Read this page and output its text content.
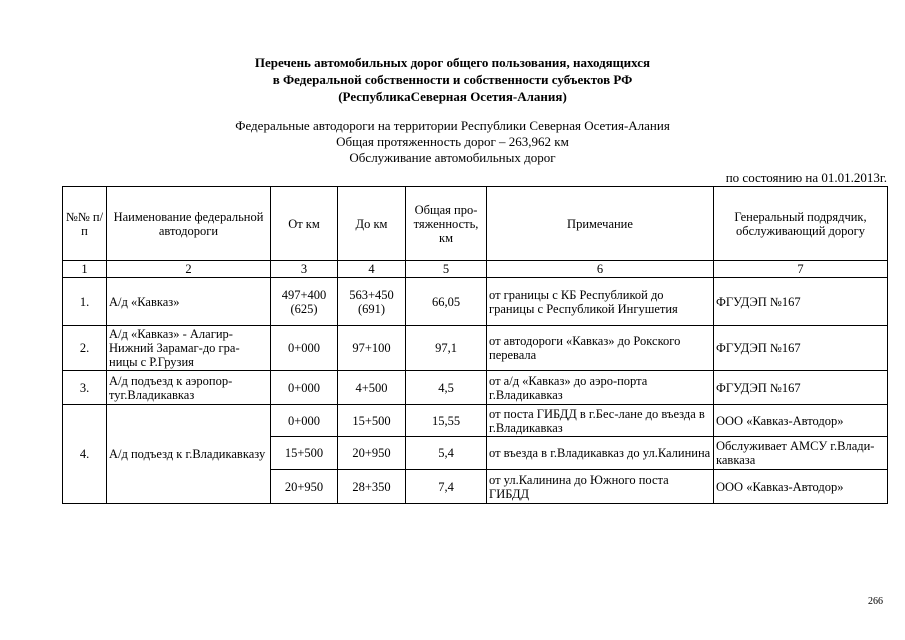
Перечень автомобильных дорог общего пользования, находящихся
в Федеральной собственности и собственности субъектов РФ
(РеспубликаСеверная Осетия-Алания)
Федеральные автодороги на территории Республики Северная Осетия-Алания
Общая протяженность дорог – 263,962 км
Обслуживание автомобильных дорог
по состоянию на 01.01.2013г.
№№ п/п	Наименование федеральной автодороги	От км	До км	Общая про-тяженность, км	Примечание	Генеральный подрядчик, обслуживающий дорогу
1	2	3	4	5	6	7
1.	А/д «Кавказ»	497+400 (625)	563+450 (691)	66,05	от границы с КБ Республикой до границы с Республикой Ингушетия	ФГУДЭП №167
2.	А/д «Кавказ» - Алагир-Нижний Зарамаг-до гра-ницы с Р.Грузия	0+000	97+100	97,1	от автодороги «Кавказ» до Рокского перевала	ФГУДЭП №167
3.	А/д подъезд к аэропор-туг.Владикавказ	0+000	4+500	4,5	от а/д «Кавказ» до аэро-порта г.Владикавказ	ФГУДЭП №167
4.	А/д подъезд к г.Владикавказу	0+000	15+500	15,55	от поста ГИБДД в г.Бес-лане до въезда в г.Владикавказ	ООО «Кавказ-Автодор»
		15+500	20+950	5,4	от въезда в г.Владикавказ до ул.Калинина	Обслуживает АМСУ г.Влади-кавказа
		20+950	28+350	7,4	от ул.Калинина до Южного поста ГИБДД	ООО «Кавказ-Автодор»
266
